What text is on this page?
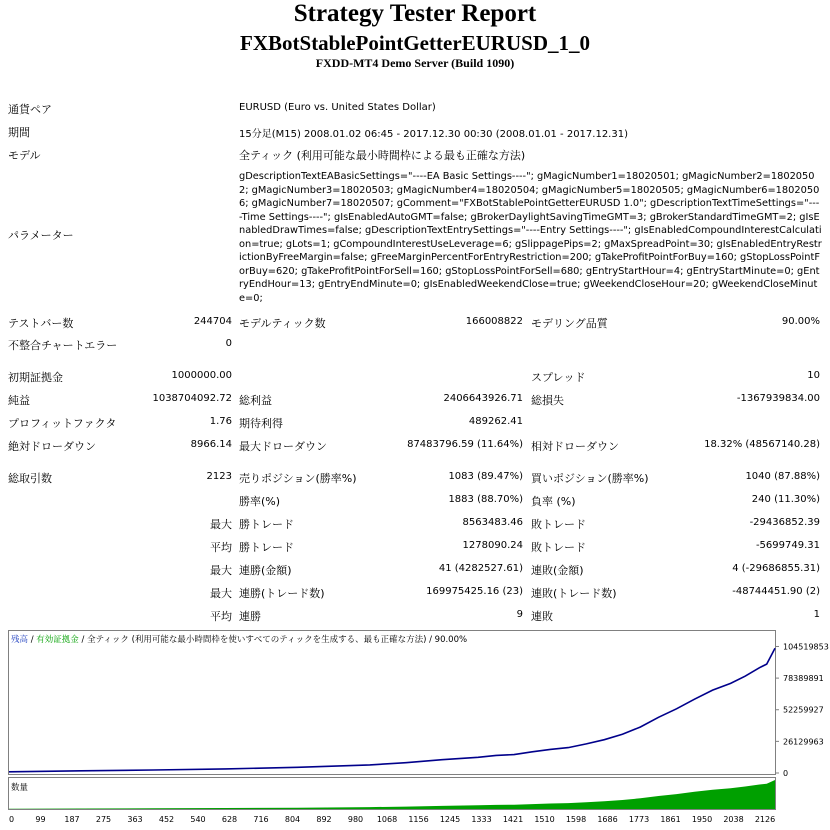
Strategy Tester Report
FXBotStablePointGetterEURUSD_1_0
FXDD-MT4 Demo Server (Build 1090)
通貨ペア	EURUSD (Euro vs. United States Dollar)
期間	15分足(M15) 2008.01.02 06:45 - 2017.12.30 00:30 (2008.01.01 - 2017.12.31)
モデル	全ティック (利用可能な最小時間枠による最も正確な方法)
パラメーター
gDescriptionTextEABasicSettings="----EA Basic Settings----"; gMagicNumber1=18020501; gMagicNumber2=18020502; gMagicNumber3=18020503; gMagicNumber4=18020504; gMagicNumber5=18020505; gMagicNumber6=18020506; gMagicNumber7=18020507; gComment="FXBotStablePointGetterEURUSD 1.0"; gDescriptionTextTimeSettings="----Time Settings----"; gIsEnabledAutoGMT=false; gBrokerDaylightSavingTimeGMT=3; gBrokerStandardTimeGMT=2; gIsEnabledDrawTimes=false; gDescriptionTextEntrySettings="----Entry Settings----"; gIsEnabledCompoundInterestCalculation=true; gLots=1; gCompoundInterestUseLeverage=6; gSlippagePips=2; gMaxSpreadPoint=30; gIsEnabledEntryRestrictionByFreeMargin=false; gFreeMarginPercentForEntryRestriction=200; gTakeProfitPointForBuy=160; gStopLossPointForBuy=620; gTakeProfitPointForSell=160; gStopLossPointForSell=680; gEntryStartHour=4; gEntryStartMinute=0; gEntryEndHour=13; gEntryEndMinute=0; gIsEnabledWeekendClose=true; gWeekendCloseHour=20; gWeekendCloseMinute=0;
テストバー数	244704 モデルティック数	166008822 モデリング品質	90.00%
不整合チャートエラー	0
初期証拠金	1000000.00	スプレッド	10
純益	1038704092.72 総利益	2406643926.71 総損失	-1367939834.00
プロフィットファクタ	1.76 期待利得	489262.41
絶対ドローダウン	8966.14 最大ドローダウン	87483796.59 (11.64%) 相対ドローダウン	18.32% (48567140.28)
総取引数	2123 売りポジション(勝率%)	1083 (89.47%) 買いポジション(勝率%)	1040 (87.88%)
勝率(%)	1883 (88.70%) 負率 (%)	240 (11.30%)
最大 勝トレード	8563483.46 敗トレード	-29436852.39
平均 勝トレード	1278090.24 敗トレード	-5699749.31
最大 連勝(金額)	41 (4282527.61) 連敗(金額)	4 (-29686855.31)
最大 連勝(トレード数)	169975425.16 (23) 連敗(トレード数)	-48744451.90 (2)
平均 連勝	9 連敗	1
残高 / 有効証拠金 / 全ティック (利用可能な最小時間枠を使いすべてのティックを生成する、最も正確な方法) / 90.00%
数量
104519853
78389891
52259927
26129963
0
0	99 187 275 363 452 540 628 716 804 892 980 1068 1156 1245 1333 1421 1510 1598 1686 1773 1861 1950 2038 2126
